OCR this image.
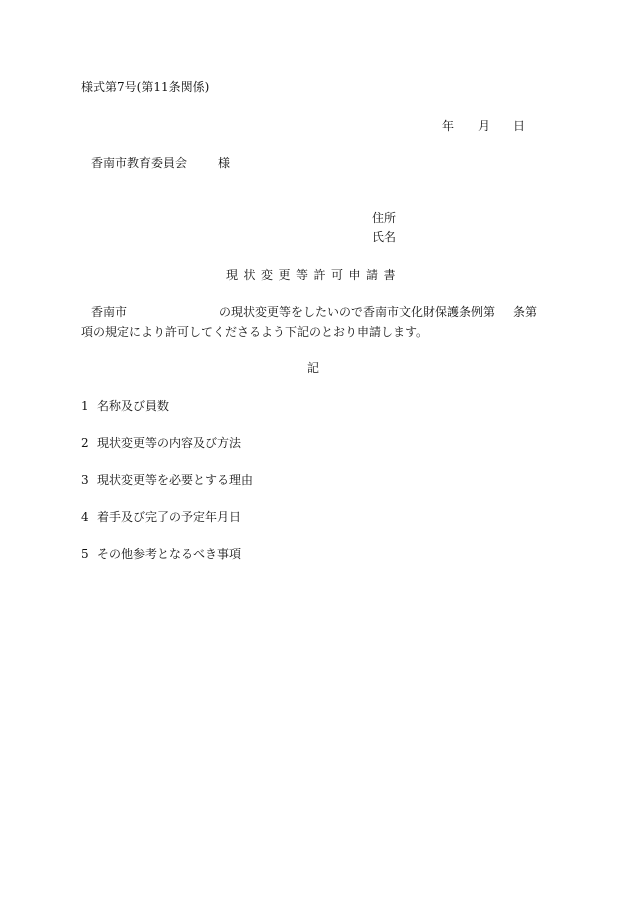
様式第7号(第11条関係)
年 月 日
香南市教育委員会	様
住所
氏名
現状変更等許可申請書
香南市	の現状変更等をしたいので香南市文化財保護条例第 条第
項の規定により許可してくださるよう下記のとおり申請します。
記
1 名称及び員数
2 現状変更等の内容及び方法
3 現状変更等を必要とする理由
4 着手及び完了の予定年月日
5 その他参考となるべき事項
